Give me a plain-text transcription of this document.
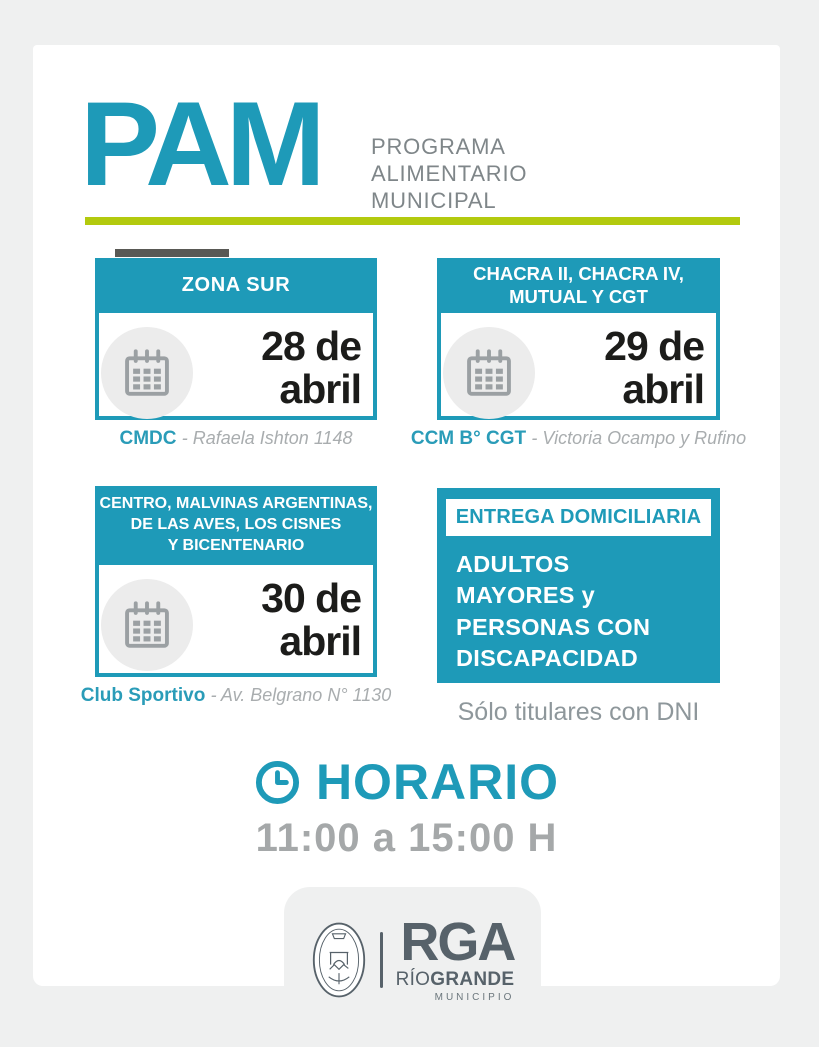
PAM PROGRAMA
ALIMENTARIO
MUNICIPAL
ZONA SUR
28 de
abril
CMDC - Rafaela Ishton 1148
CHACRA II, CHACRA IV,
MUTUAL Y CGT
29 de
abril
CCM B° CGT - Victoria Ocampo y Rufino
CENTRO, MALVINAS ARGENTINAS,
DE LAS AVES, LOS CISNES
Y BICENTENARIO
30 de
abril
Club Sportivo - Av. Belgrano N° 1130
ENTREGA DOMICILIARIA
ADULTOS
MAYORES y
PERSONAS CON
DISCAPACIDAD
Sólo titulares con DNI
HORARIO
11:00 a 15:00 H
RGA
RÍOGRANDE
MUNICIPIO
